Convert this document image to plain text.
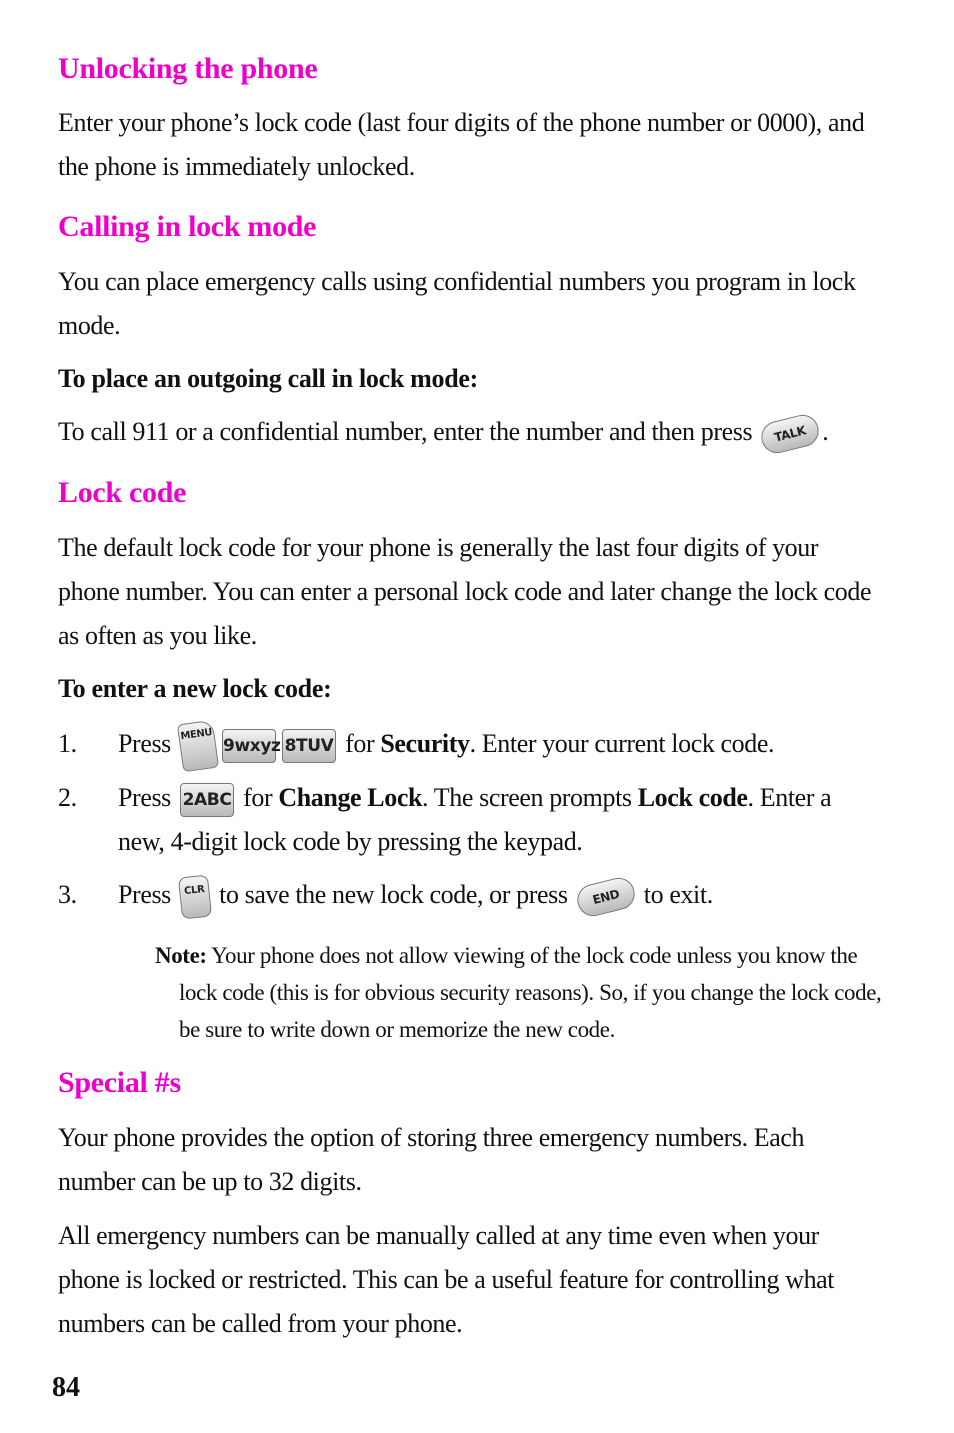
Unlocking the phone

Enter your phone’s lock code (last four digits of the phone number or 0000), and the phone is immediately unlocked.

Calling in lock mode

You can place emergency calls using confidential numbers you program in lock mode.

To place an outgoing call in lock mode:

To call 911 or a confidential number, enter the number and then press TALK .

Lock code

The default lock code for your phone is generally the last four digits of your phone number. You can enter a personal lock code and later change the lock code as often as you like.

To enter a new lock code:

1. Press MENU9wxyz 8TUV for Security. Enter your current lock code.
2. Press 2ABC for Change Lock. The screen prompts Lock code. Enter a new, 4-digit lock code by pressing the keypad.
3. Press CLR to save the new lock code, or press END to exit.
Note: Your phone does not allow viewing of the lock code unless you know the lock code (this is for obvious security reasons). So, if you change the lock code, be sure to write down or memorize the new code.
Special #s

Your phone provides the option of storing three emergency numbers. Each number can be up to 32 digits.

All emergency numbers can be manually called at any time even when your phone is locked or restricted. This can be a useful feature for controlling what numbers can be called from your phone.

84
